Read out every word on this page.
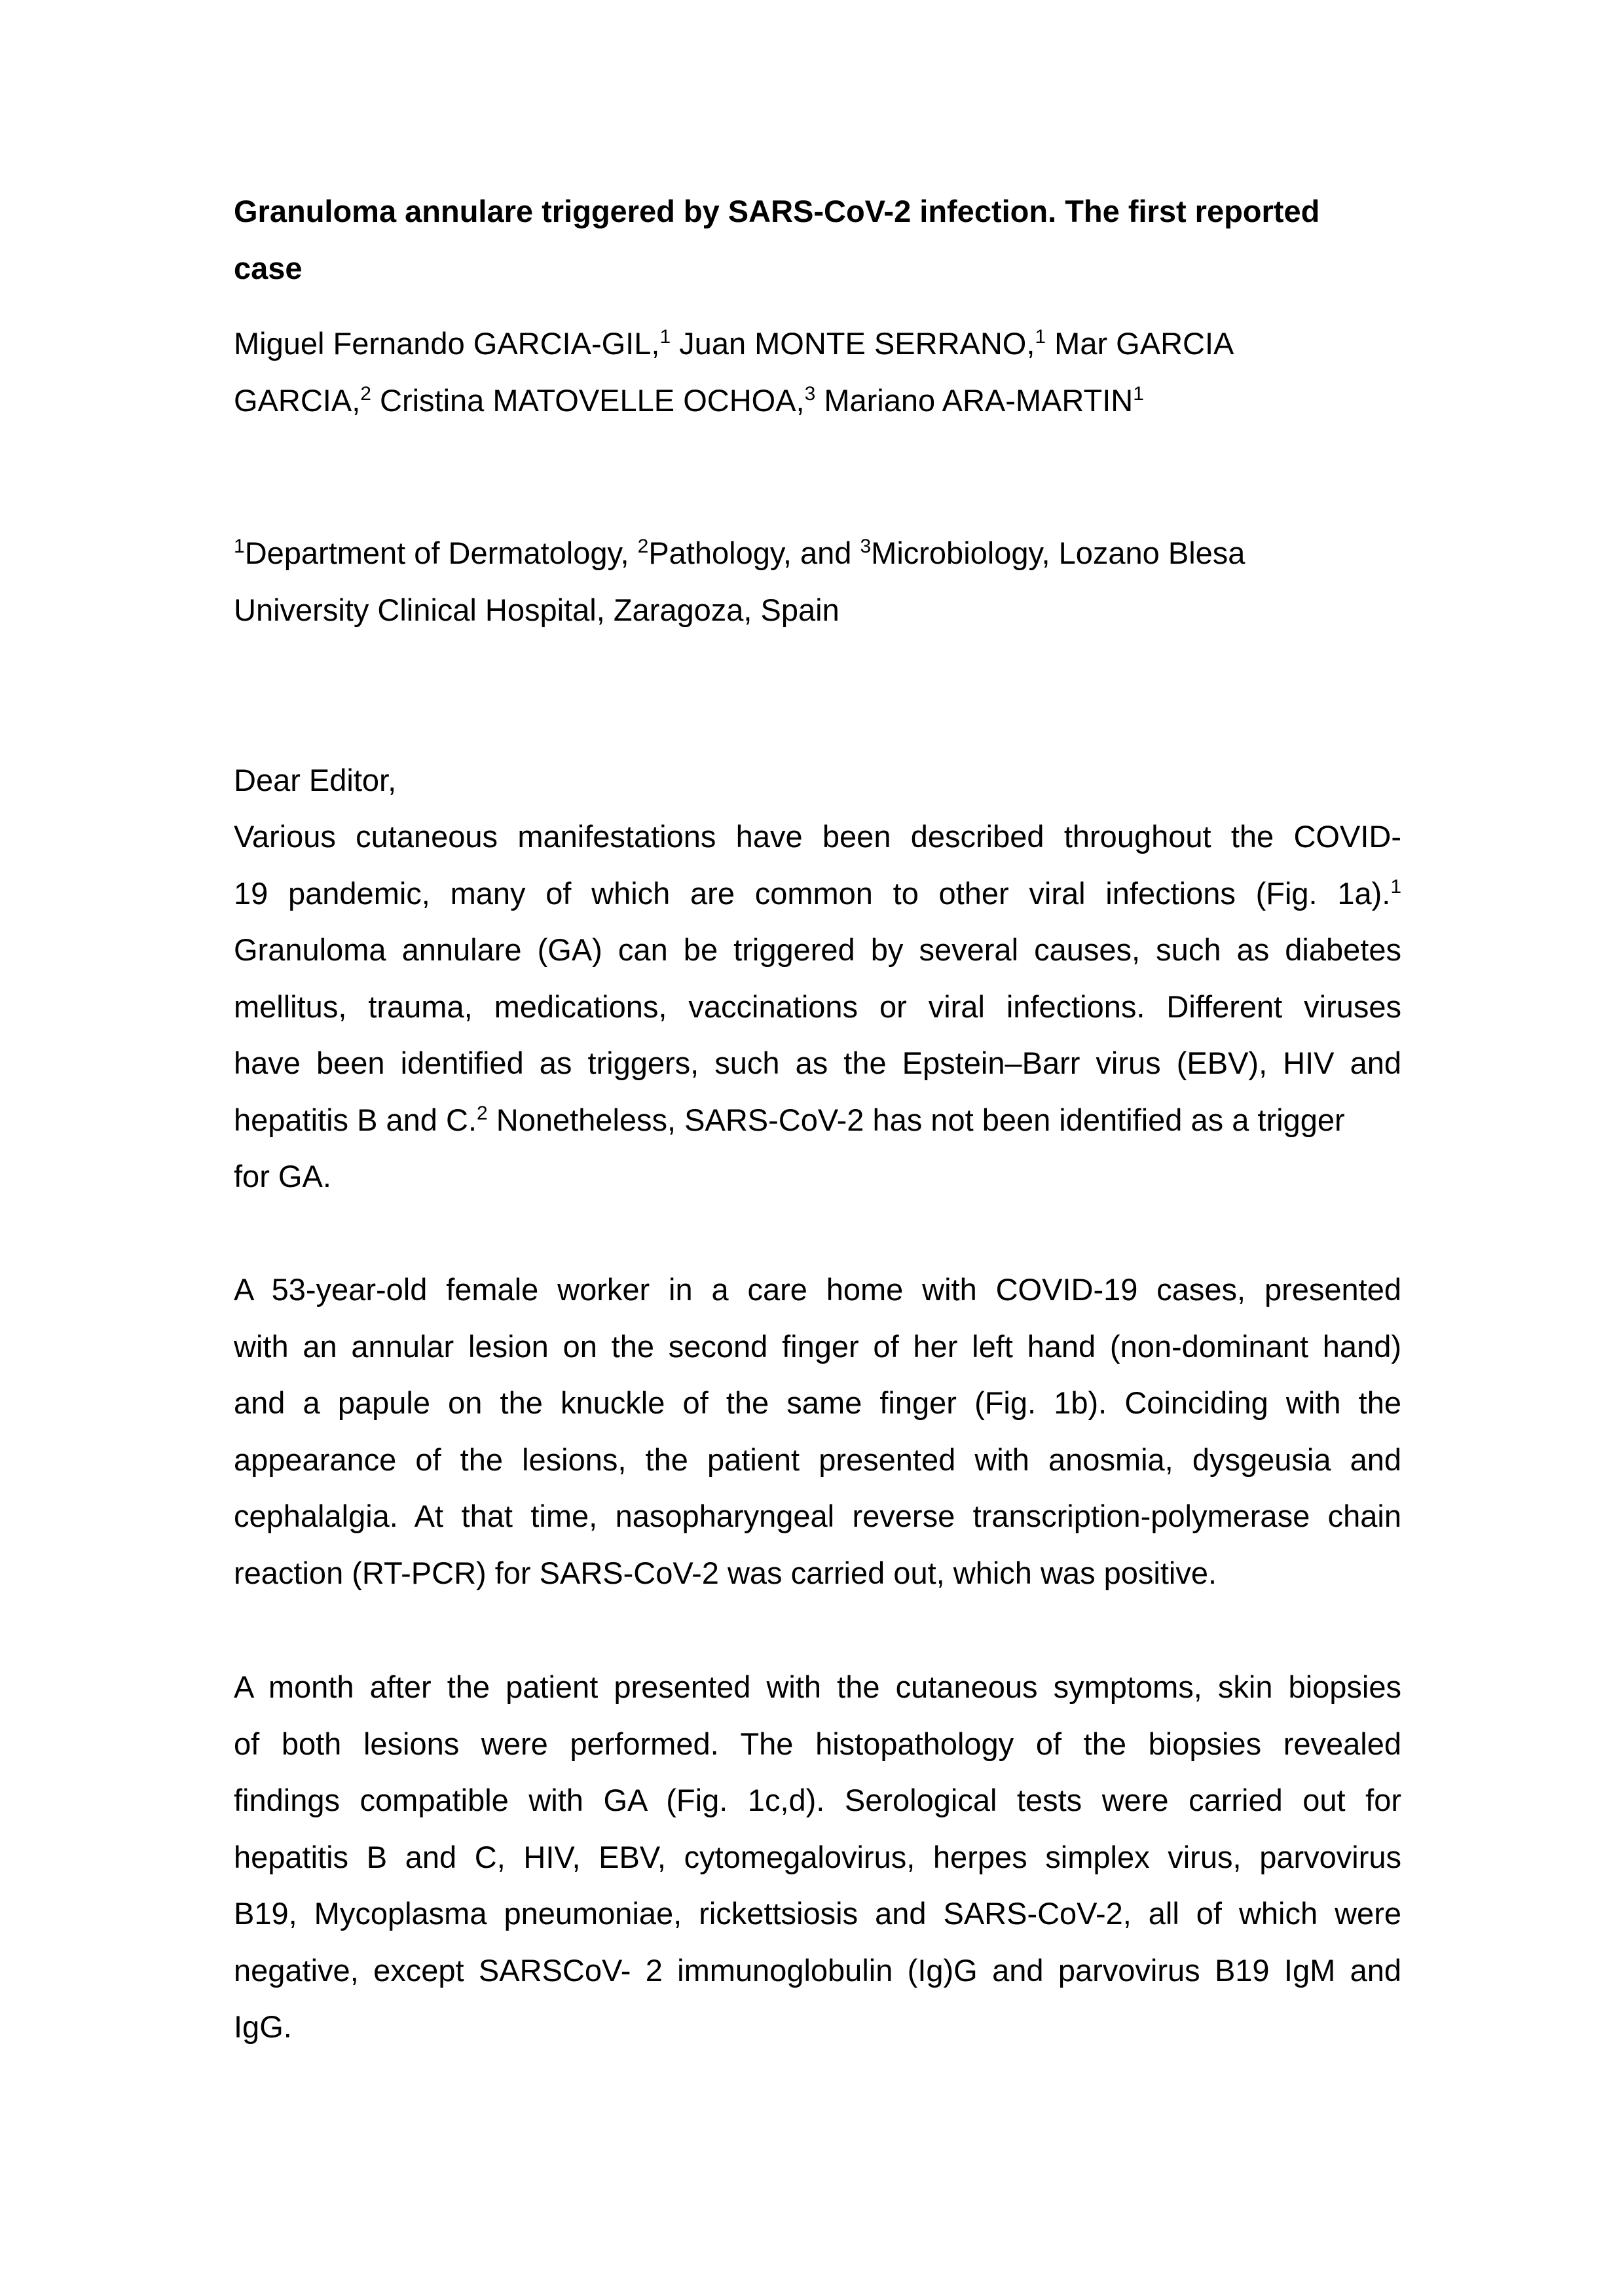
Granuloma annulare triggered by SARS-CoV-2 infection. The first reported
case
Miguel Fernando GARCIA-GIL,$^1$ Juan MONTE SERRANO,$^1$ Mar GARCIA
GARCIA,$^2$ Cristina MATOVELLE OCHOA,$^3$ Mariano ARA-MARTIN$^1$
$^1$Department of Dermatology, $^2$Pathology, and $^3$Microbiology, Lozano Blesa
University Clinical Hospital, Zaragoza, Spain

Dear Editor,

Various cutaneous manifestations have been described throughout the COVID-
19 pandemic, many of which are common to other viral infections (Fig. 1a).$^1$
Granuloma annulare (GA) can be triggered by several causes, such as diabetes
mellitus, trauma, medications, vaccinations or viral infections. Different viruses
have been identified as triggers, such as the Epstein–Barr virus (EBV), HIV and
hepatitis B and C.$^2$ Nonetheless, SARS-CoV-2 has not been identified as a trigger
for GA.
A 53-year-old female worker in a care home with COVID-19 cases, presented
with an annular lesion on the second finger of her left hand (non-dominant hand)
and a papule on the knuckle of the same finger (Fig. 1b). Coinciding with the
appearance of the lesions, the patient presented with anosmia, dysgeusia and
cephalalgia. At that time, nasopharyngeal reverse transcription-polymerase chain
reaction (RT-PCR) for SARS-CoV-2 was carried out, which was positive.
A month after the patient presented with the cutaneous symptoms, skin biopsies
of both lesions were performed. The histopathology of the biopsies revealed
findings compatible with GA (Fig. 1c,d). Serological tests were carried out for
hepatitis B and C, HIV, EBV, cytomegalovirus, herpes simplex virus, parvovirus
B19, Mycoplasma pneumoniae, rickettsiosis and SARS-CoV-2, all of which were
negative, except SARSCoV- 2 immunoglobulin (Ig)G and parvovirus B19 IgM and
IgG.
